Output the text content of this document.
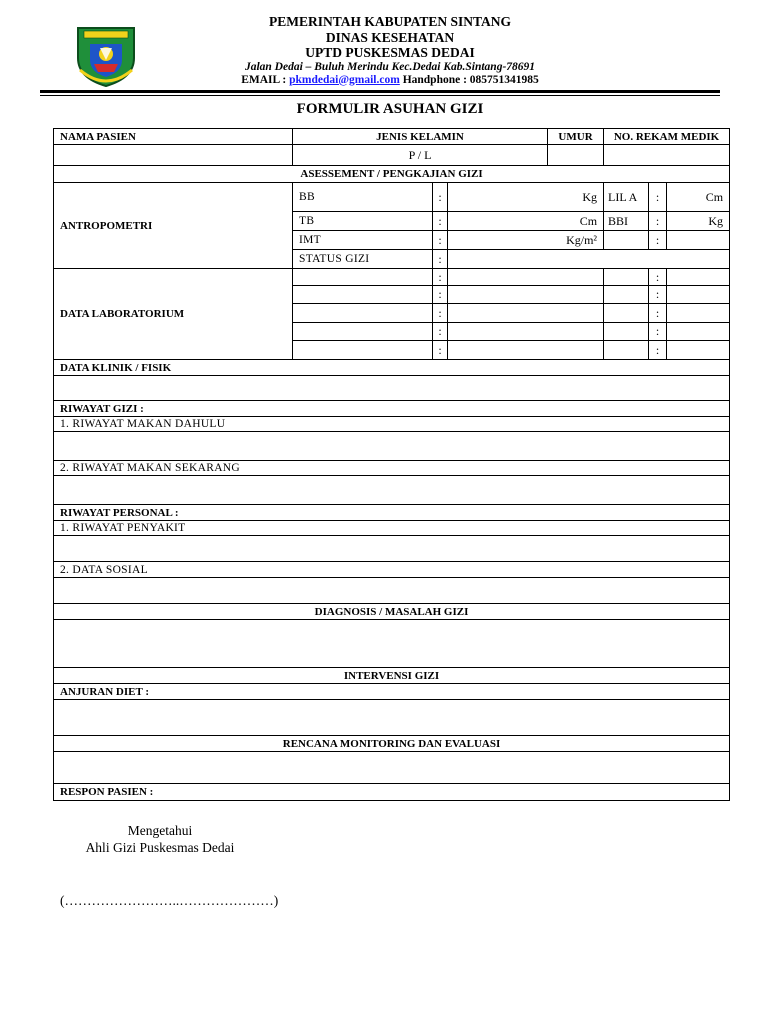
PEMERINTAH KABUPATEN SINTANG
DINAS KESEHATAN
UPTD PUSKESMAS DEDAI
Jalan Dedai – Buluh Merindu Kec.Dedai Kab.Sintang-78691
EMAIL : pkmdedai@gmail.com Handphone : 085751341985
FORMULIR ASUHAN GIZI
NAMA PASIEN	JENIS KELAMIN			UMUR	NO. REKAM MEDIK		
	P / L						
ASESSEMENT / PENGKAJIAN GIZI							
ANTROPOMETRI	BB	:	Kg		LIL A	:	Cm
	TB	:	Cm		BBI	:	Kg
	IMT	:	Kg/m²			:	
	STATUS GIZI	:					
DATA LABORATORIUM		:				:	
		:				:	
		:				:	
		:				:	
		:				:	
DATA KLINIK / FISIK							

RIWAYAT GIZI :							
1. RIWAYAT MAKAN DAHULU							

2. RIWAYAT MAKAN SEKARANG							

RIWAYAT PERSONAL :							
1. RIWAYAT PENYAKIT							

2. DATA SOSIAL							

DIAGNOSIS / MASALAH GIZI							

INTERVENSI GIZI							
ANJURAN DIET :							

RENCANA MONITORING DAN EVALUASI							

RESPON PASIEN :							
Mengetahui
Ahli Gizi Puskesmas Dedai
(……………………..…………………)
